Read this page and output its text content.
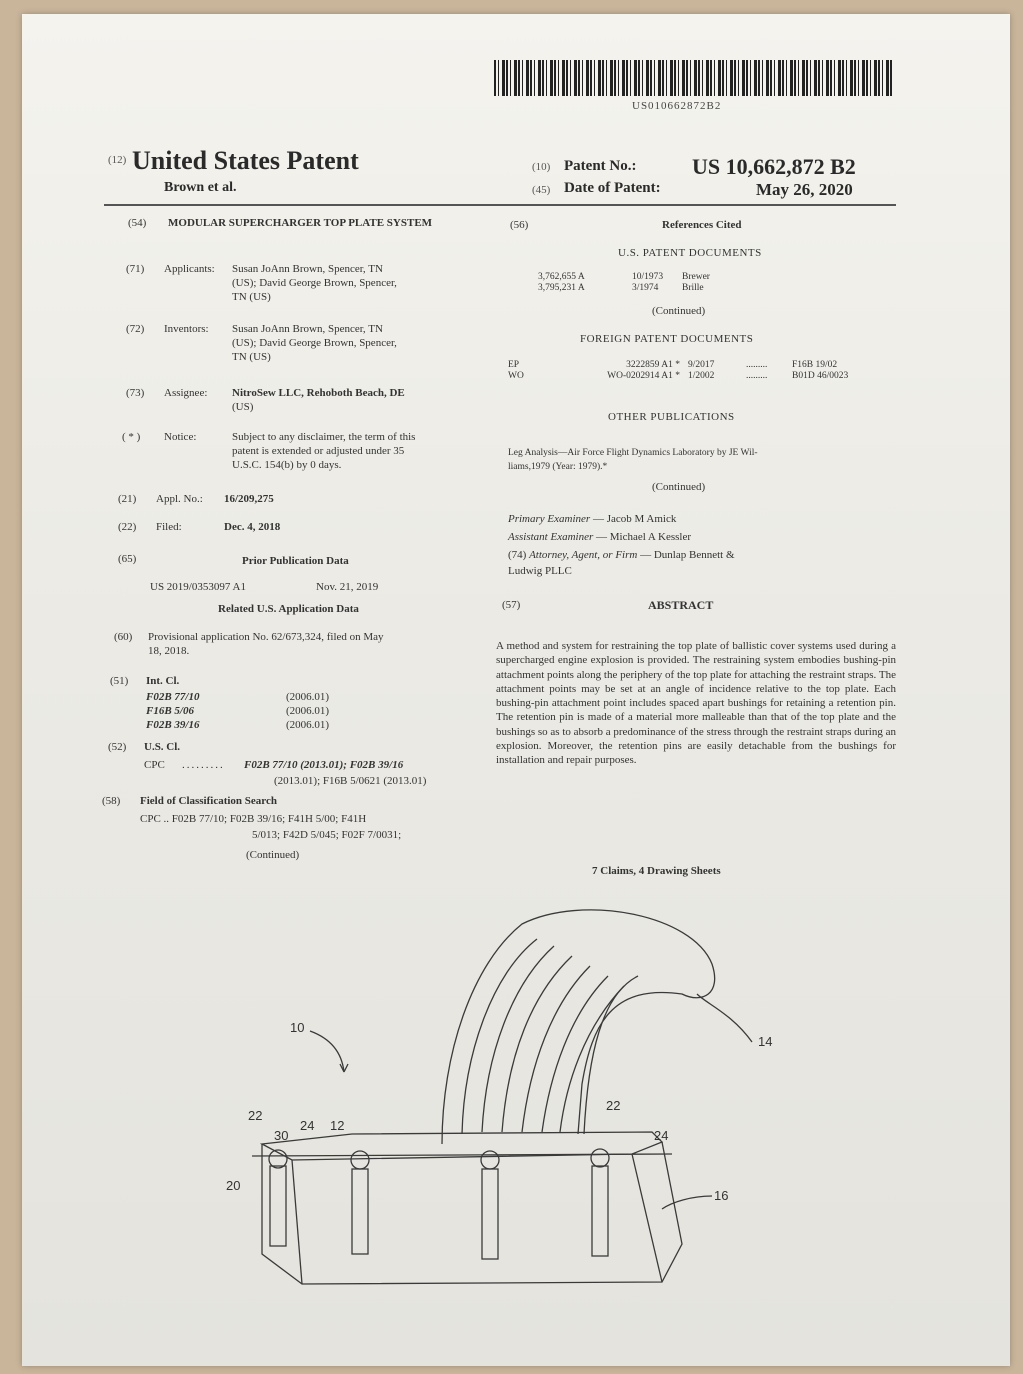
US010662872B2
(12) United States Patent
Brown et al.
(10) Patent No.:	US 10,662,872 B2
(45) Date of Patent:	May 26, 2020
(54) MODULAR SUPERCHARGER TOP PLATE SYSTEM
(71) Applicants: Susan JoAnn Brown, Spencer, TN
(US); David George Brown, Spencer,
TN (US)
(72) Inventors: Susan JoAnn Brown, Spencer, TN
(US); David George Brown, Spencer,
TN (US)
(73) Assignee: NitroSew LLC, Rehoboth Beach, DE
(US)
( * ) Notice:	Subject to any disclaimer, the term of this
patent is extended or adjusted under 35
U.S.C. 154(b) by 0 days.
(21) Appl. No.: 16/209,275
(22) Filed:	Dec. 4, 2018
(65)	Prior Publication Data
US 2019/0353097 A1	Nov. 21, 2019
Related U.S. Application Data
(60) Provisional application No. 62/673,324, filed on May
18, 2018.
(51) Int. Cl.
F02B 77/10	(2006.01)
F16B 5/06	(2006.01)
F02B 39/16	(2006.01)
(52) U.S. Cl.
CPC ......... F02B 77/10 (2013.01); F02B 39/16
(2013.01); F16B 5/0621 (2013.01)
(58) Field of Classification Search
CPC .. F02B 77/10; F02B 39/16; F41H 5/00; F41H
5/013; F42D 5/045; F02F 7/0031;
(Continued)
(56)	References Cited
U.S. PATENT DOCUMENTS
3,762,655 A	10/1973 Brewer
3,795,231 A	3/1974 Brille
(Continued)
FOREIGN PATENT DOCUMENTS
EP	3222859 A1 * 9/2017	.........	F16B 19/02
WO	WO-0202914 A1 * 1/2002	.........	B01D 46/0023
OTHER PUBLICATIONS
Leg Analysis—Air Force Flight Dynamics Laboratory by JE Wil-
liams,1979 (Year: 1979).*
(Continued)
Primary Examiner — Jacob M Amick
Assistant Examiner — Michael A Kessler
(74) Attorney, Agent, or Firm — Dunlap Bennett &
Ludwig PLLC
(57)	ABSTRACT
A method and system for restraining the top plate of ballistic cover systems used during a supercharged engine explosion is provided. The restraining system embodies bushing-pin attachment points along the periphery of the top plate for attaching the restraint straps. The attachment points may be set at an angle of incidence relative to the top plate. Each bushing-pin attachment point includes spaced apart bushings for retaining a retention pin. The retention pin is made of a material more malleable than that of the top plate and the bushings so as to absorb a predominance of the stress through the restraint straps during an explosion. Moreover, the retention pins are easily detachable from the bushings for installation and repair purposes.
7 Claims, 4 Drawing Sheets
10
12
14
16
20
22
22
24
24
30
